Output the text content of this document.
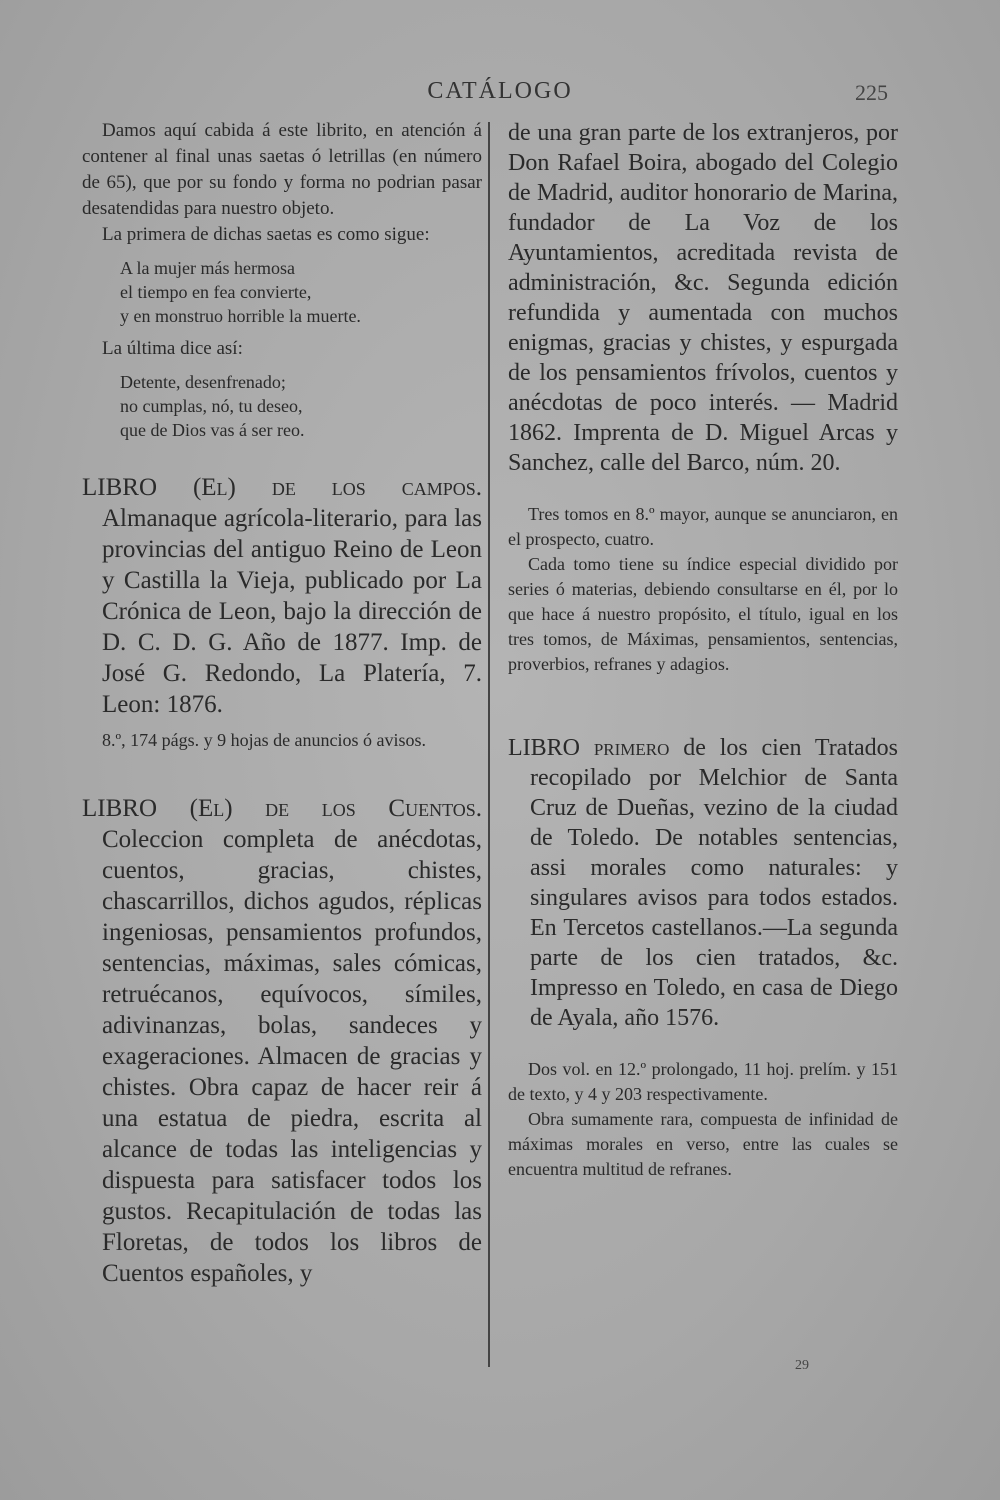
CATÁLOGO	225

Damos aquí cabida á este librito, en atención á contener al final unas saetas ó letrillas (en número de 65), que por su fondo y forma no podrian pasar desatendidas para nuestro objeto.

La primera de dichas saetas es como sigue:

A la mujer más hermosa
el tiempo en fea convierte,
y en monstruo horrible la muerte.

La última dice así:

Detente, desenfrenado;
no cumplas, nó, tu deseo,
que de Dios vas á ser reo.

LIBRO (El) de los campos. Almanaque agrícola-literario, para las provincias del antiguo Reino de Leon y Castilla la Vieja, publicado por La Crónica de Leon, bajo la dirección de D. C. D. G. Año de 1877. Imp. de José G. Redondo, La Platería, 7. Leon: 1876.

8.º, 174 págs. y 9 hojas de anuncios ó avisos.

LIBRO (El) de los Cuentos. Coleccion completa de anécdotas, cuentos, gracias, chistes, chascarrillos, dichos agudos, réplicas ingeniosas, pensamientos profundos, sentencias, máximas, sales cómicas, retruécanos, equívocos, símiles, adivinanzas, bolas, sandeces y exageraciones. Almacen de gracias y chistes. Obra capaz de hacer reir á una estatua de piedra, escrita al alcance de todas las inteligencias y dispuesta para satisfacer todos los gustos. Recapitulación de todas las Floretas, de todos los libros de Cuentos españoles, y

de una gran parte de los extranjeros, por Don Rafael Boira, abogado del Colegio de Madrid, auditor honorario de Marina, fundador de La Voz de los Ayuntamientos, acreditada revista de administración, &c. Segunda edición refundida y aumentada con muchos enigmas, gracias y chistes, y espurgada de los pensamientos frívolos, cuentos y anécdotas de poco interés. — Madrid 1862. Imprenta de D. Miguel Arcas y Sanchez, calle del Barco, núm. 20.

Tres tomos en 8.º mayor, aunque se anunciaron, en el prospecto, cuatro.

Cada tomo tiene su índice especial dividido por series ó materias, debiendo consultarse en él, por lo que hace á nuestro propósito, el título, igual en los tres tomos, de Máximas, pensamientos, sentencias, proverbios, refranes y adagios.

LIBRO primero de los cien Tratados recopilado por Melchior de Santa Cruz de Dueñas, vezino de la ciudad de Toledo. De notables sentencias, assi morales como naturales: y singulares avisos para todos estados. En Tercetos castellanos.—La segunda parte de los cien tratados, &c. Impresso en Toledo, en casa de Diego de Ayala, año 1576.

Dos vol. en 12.º prolongado, 11 hoj. prelím. y 151 de texto, y 4 y 203 respectivamente.

Obra sumamente rara, compuesta de infinidad de máximas morales en verso, entre las cuales se encuentra multitud de refranes.

29
